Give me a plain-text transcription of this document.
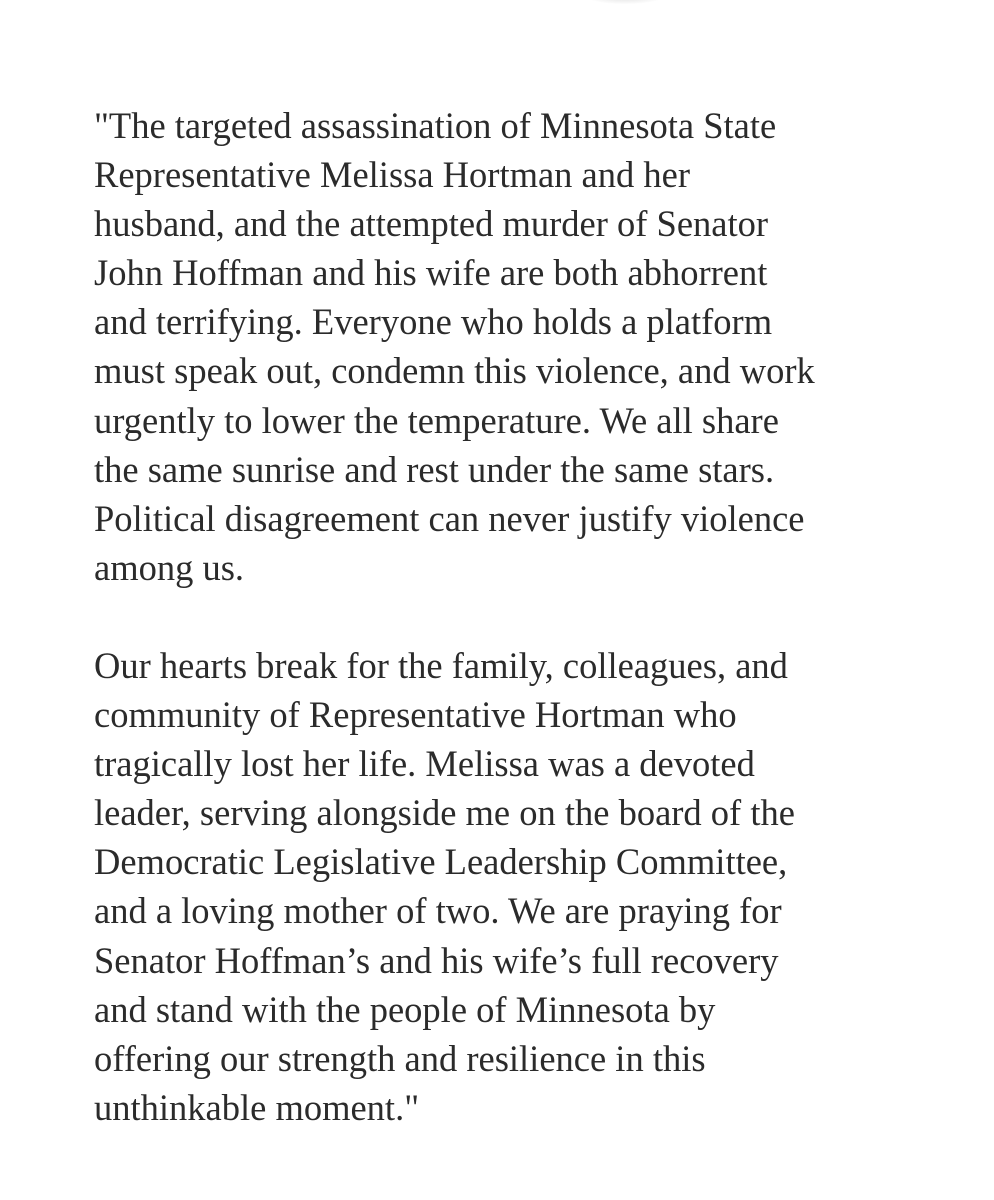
"The targeted assassination of Minnesota State
Representative Melissa Hortman and her
husband, and the attempted murder of Senator
John Hoffman and his wife are both abhorrent
and terrifying. Everyone who holds a platform
must speak out, condemn this violence, and work
urgently to lower the temperature. We all share
the same sunrise and rest under the same stars.
Political disagreement can never justify violence
among us.

Our hearts break for the family, colleagues, and
community of Representative Hortman who
tragically lost her life. Melissa was a devoted
leader, serving alongside me on the board of the
Democratic Legislative Leadership Committee,
and a loving mother of two. We are praying for
Senator Hoffman’s and his wife’s full recovery
and stand with the people of Minnesota by
offering our strength and resilience in this
unthinkable moment."
